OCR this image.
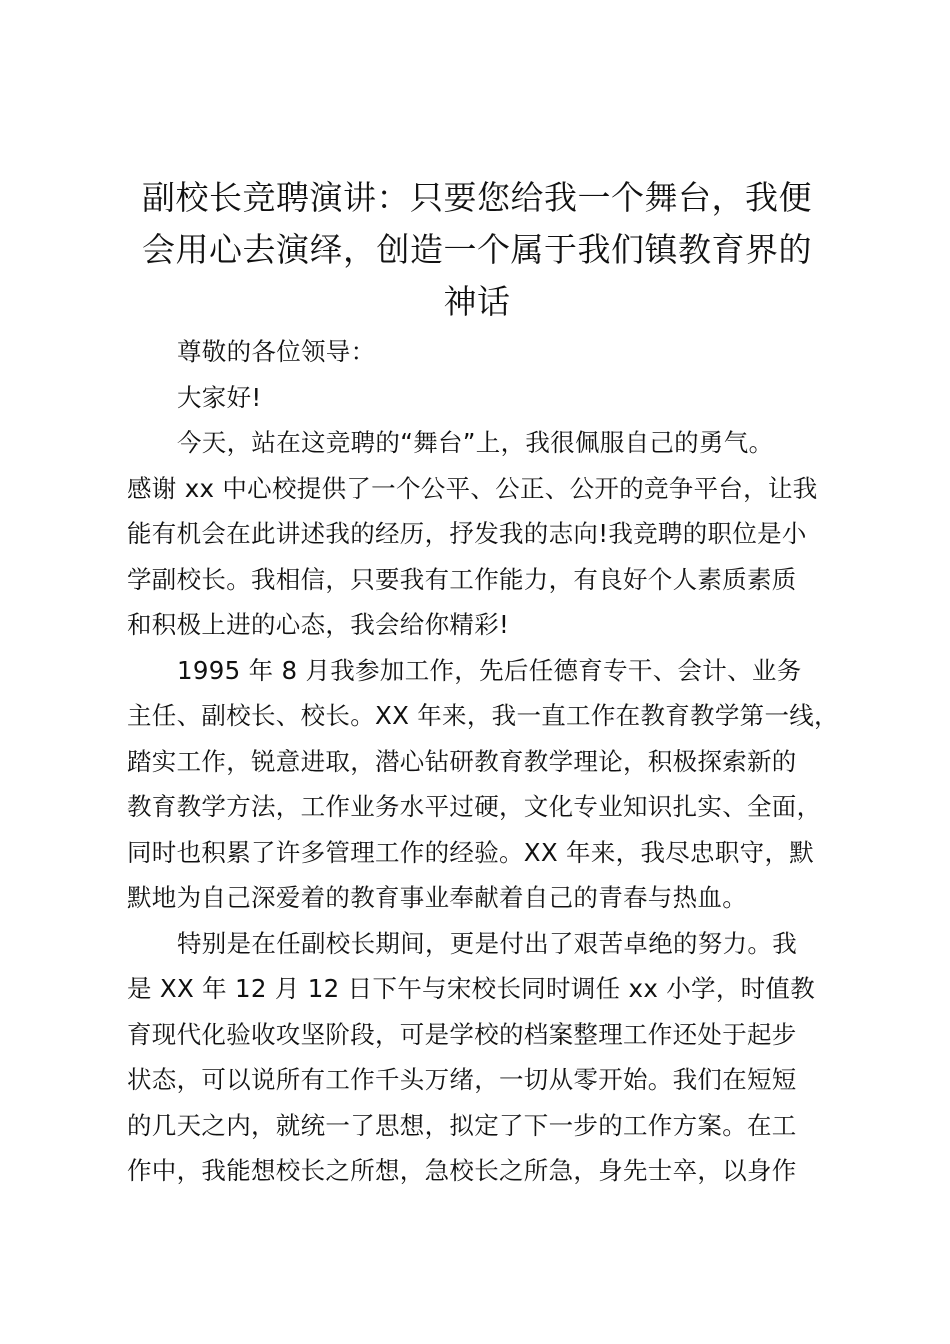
副校长竞聘演讲：只要您给我一个舞台，我便
会用心去演绎，创造一个属于我们镇教育界的
神话
尊敬的各位领导：
大家好!
今天，站在这竞聘的“舞台”上，我很佩服自己的勇气。
感谢 xx 中心校提供了一个公平、公正、公开的竞争平台，让我
能有机会在此讲述我的经历，抒发我的志向!我竞聘的职位是小
学副校长。我相信，只要我有工作能力，有良好个人素质素质
和积极上进的心态，我会给你精彩!
1995 年 8 月我参加工作，先后任德育专干、会计、业务
主任、副校长、校长。XX 年来，我一直工作在教育教学第一线，
踏实工作，锐意进取，潜心钻研教育教学理论，积极探索新的
教育教学方法，工作业务水平过硬，文化专业知识扎实、全面，
同时也积累了许多管理工作的经验。XX 年来，我尽忠职守，默
默地为自己深爱着的教育事业奉献着自己的青春与热血。
特别是在任副校长期间，更是付出了艰苦卓绝的努力。我
是 XX 年 12 月 12 日下午与宋校长同时调任 xx 小学，时值教
育现代化验收攻坚阶段，可是学校的档案整理工作还处于起步
状态，可以说所有工作千头万绪，一切从零开始。我们在短短
的几天之内，就统一了思想，拟定了下一步的工作方案。在工
作中，我能想校长之所想，急校长之所急，身先士卒，以身作
